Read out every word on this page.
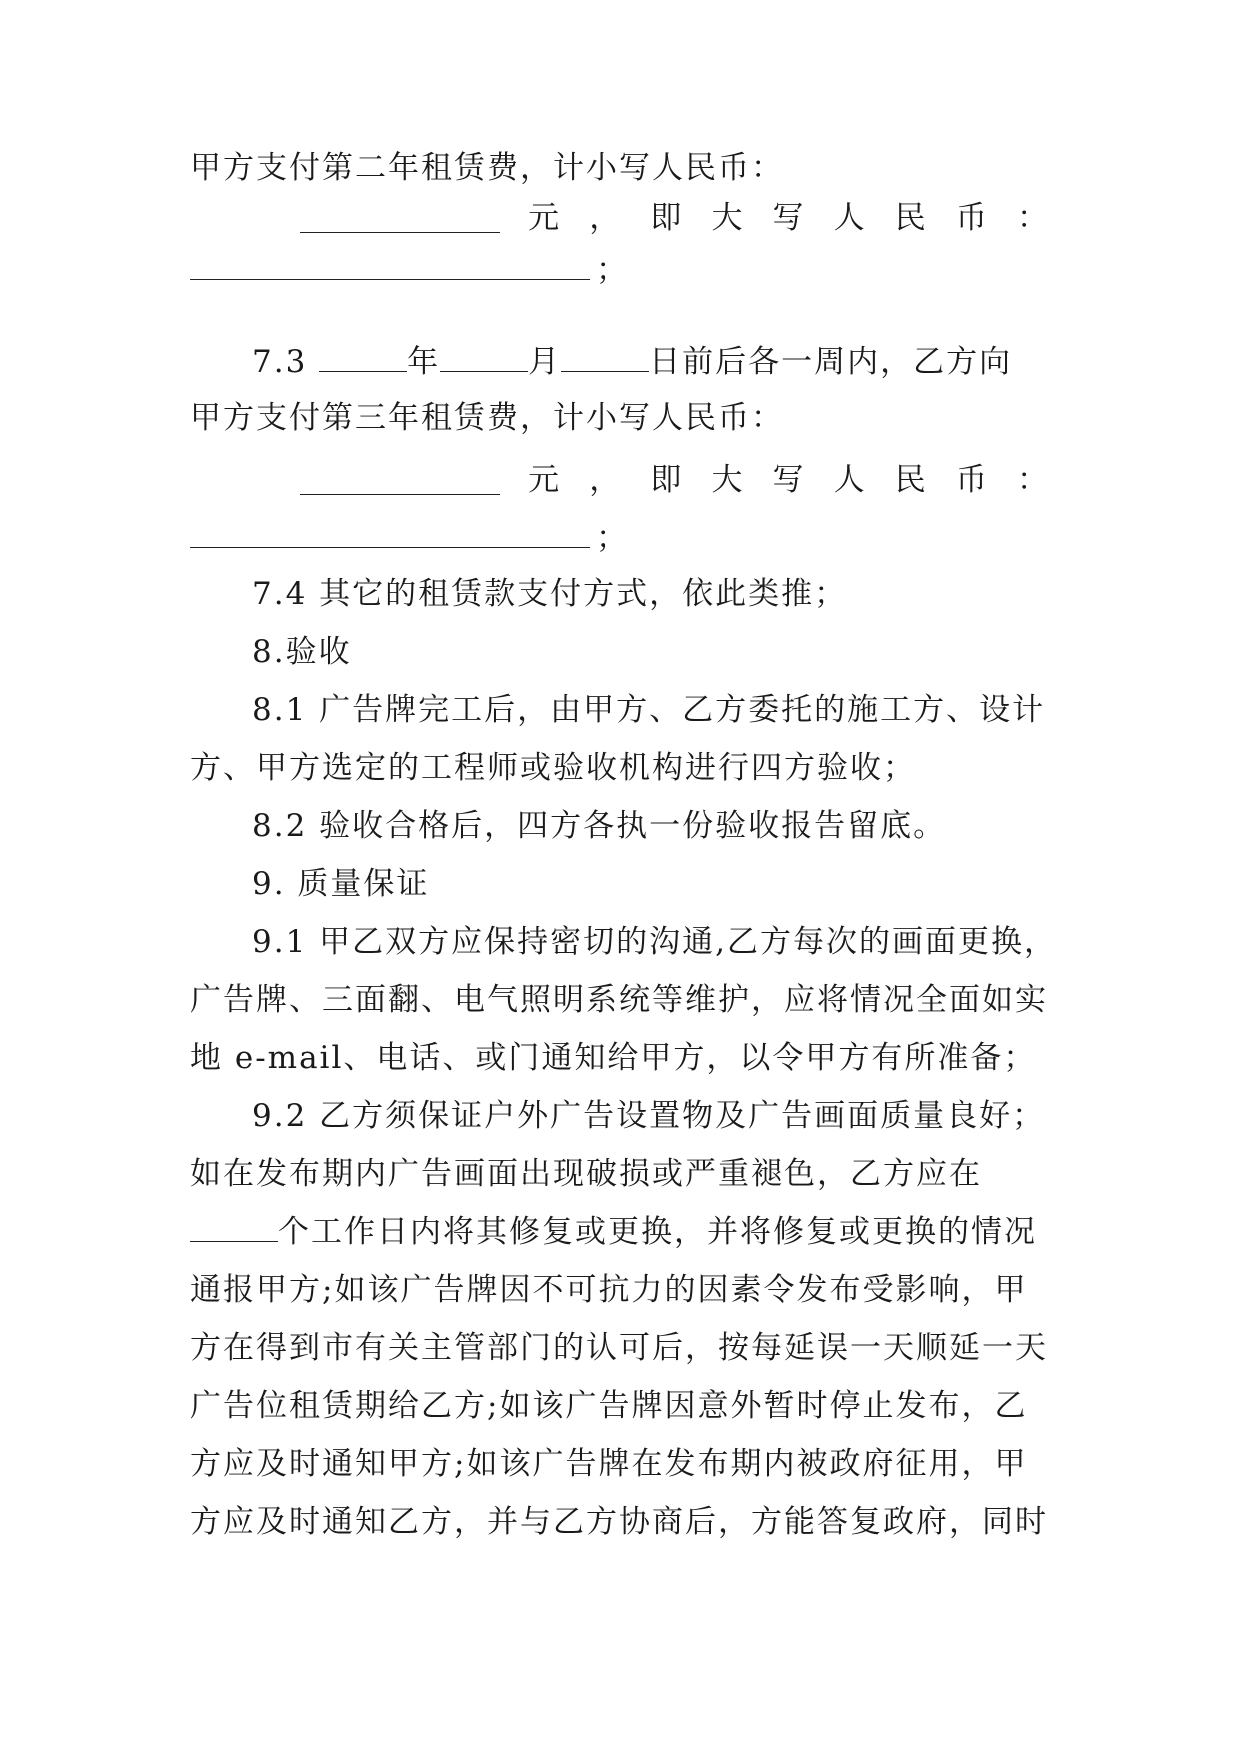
甲方支付第二年租赁费，计小写人民币：
元 ， 即 大 写 人 民 币 ：
；
7.3	年	月	日前后各一周内，乙方向
甲方支付第三年租赁费，计小写人民币：
元 ， 即 大 写 人 民 币 ：
；
7.4 其它的租赁款支付方式，依此类推；
8.验收
8.1 广告牌完工后，由甲方、乙方委托的施工方、设计
方、甲方选定的工程师或验收机构进行四方验收；
8.2 验收合格后，四方各执一份验收报告留底。
9. 质量保证
9.1 甲乙双方应保持密切的沟通,乙方每次的画面更换，
广告牌、三面翻、电气照明系统等维护，应将情况全面如实
地 e-mail、电话、或门通知给甲方，以令甲方有所准备；
9.2 乙方须保证户外广告设置物及广告画面质量良好；
如在发布期内广告画面出现破损或严重褪色，乙方应在
个工作日内将其修复或更换，并将修复或更换的情况
通报甲方;如该广告牌因不可抗力的因素令发布受影响，甲
方在得到市有关主管部门的认可后，按每延误一天顺延一天
广告位租赁期给乙方;如该广告牌因意外暂时停止发布，乙
方应及时通知甲方;如该广告牌在发布期内被政府征用，甲
方应及时通知乙方，并与乙方协商后，方能答复政府，同时
